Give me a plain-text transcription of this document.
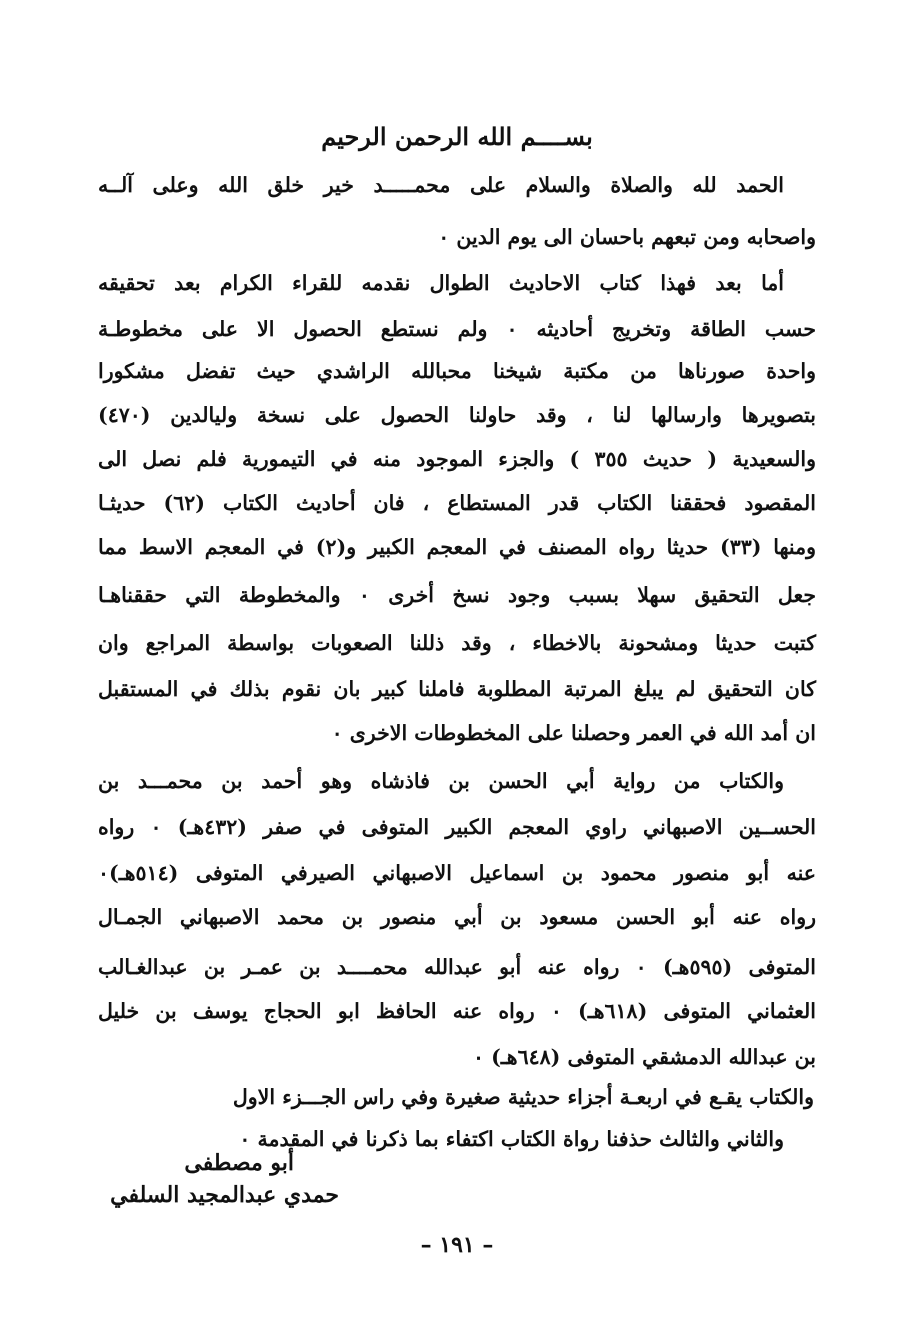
بســــم الله الرحمن الرحيم
الحمد لله والصلاة والسلام على محمـــــد خير خلق الله وعلى آلــه
واصحابه ومن تبعهم باحسان الى يوم الدين ٠
أما بعد فهذا كتاب الاحاديث الطوال نقدمه للقراء الكرام بعد تحقيقه
حسب الطاقة وتخريج أحاديثه ٠ ولم نستطع الحصول الا على مخطوطـة
واحدة صورناها من مكتبة شيخنا محبالله الراشدي حيث تفضل مشكورا
بتصويرها وارسالها لنا ، وقد حاولنا الحصول على نسخة وليالدين (٤٧٠)
والسعيدية ( حديث ٣٥٥ ) والجزء الموجود منه في التيمورية فلم نصل الى
المقصود فحققنا الكتاب قدر المستطاع ، فان أحاديث الكتاب (٦٢) حديثـا
ومنها (٣٣) حديثا رواه المصنف في المعجم الكبير و(٢) في المعجم الاسط مما
جعل التحقيق سهلا بسبب وجود نسخ أخرى ٠ والمخطوطة التي حققناهـا
كتبت حديثا ومشحونة بالاخطاء ، وقد ذللنا الصعوبات بواسطة المراجع وان
كان التحقيق لم يبلغ المرتبة المطلوبة فاملنا كبير بان نقوم بذلك في المستقبل
ان أمد الله في العمر وحصلنا على المخطوطات الاخرى ٠
والكتاب من رواية أبي الحسن بن فاذشاه وهو أحمد بن محمـــد بن
الحســين الاصبهاني راوي المعجم الكبير المتوفى في صفر (٤٣٢هـ) ٠ رواه
عنه أبو منصور محمود بن اسماعيل الاصبهاني الصيرفي المتوفى (٥١٤هـ)٠
رواه عنه أبو الحسن مسعود بن أبي منصور بن محمد الاصبهاني الجمـال
المتوفى (٥٩٥هـ) ٠ رواه عنه أبو عبدالله محمــــد بن عمـر بن عبدالغـالب
العثماني المتوفى (٦١٨هـ) ٠ رواه عنه الحافظ ابو الحجاج يوسف بن خليل
بن عبدالله الدمشقي المتوفى (٦٤٨هـ) ٠
والكتاب يقـع في اربعـة أجزاء حديثية صغيرة وفي راس الجـــزء الاول
والثاني والثالث حذفنا رواة الكتاب اكتفاء بما ذكرنا في المقدمة ٠
أبو مصطفى
حمدي عبدالمجيد السلفي
– ١٩١ –
